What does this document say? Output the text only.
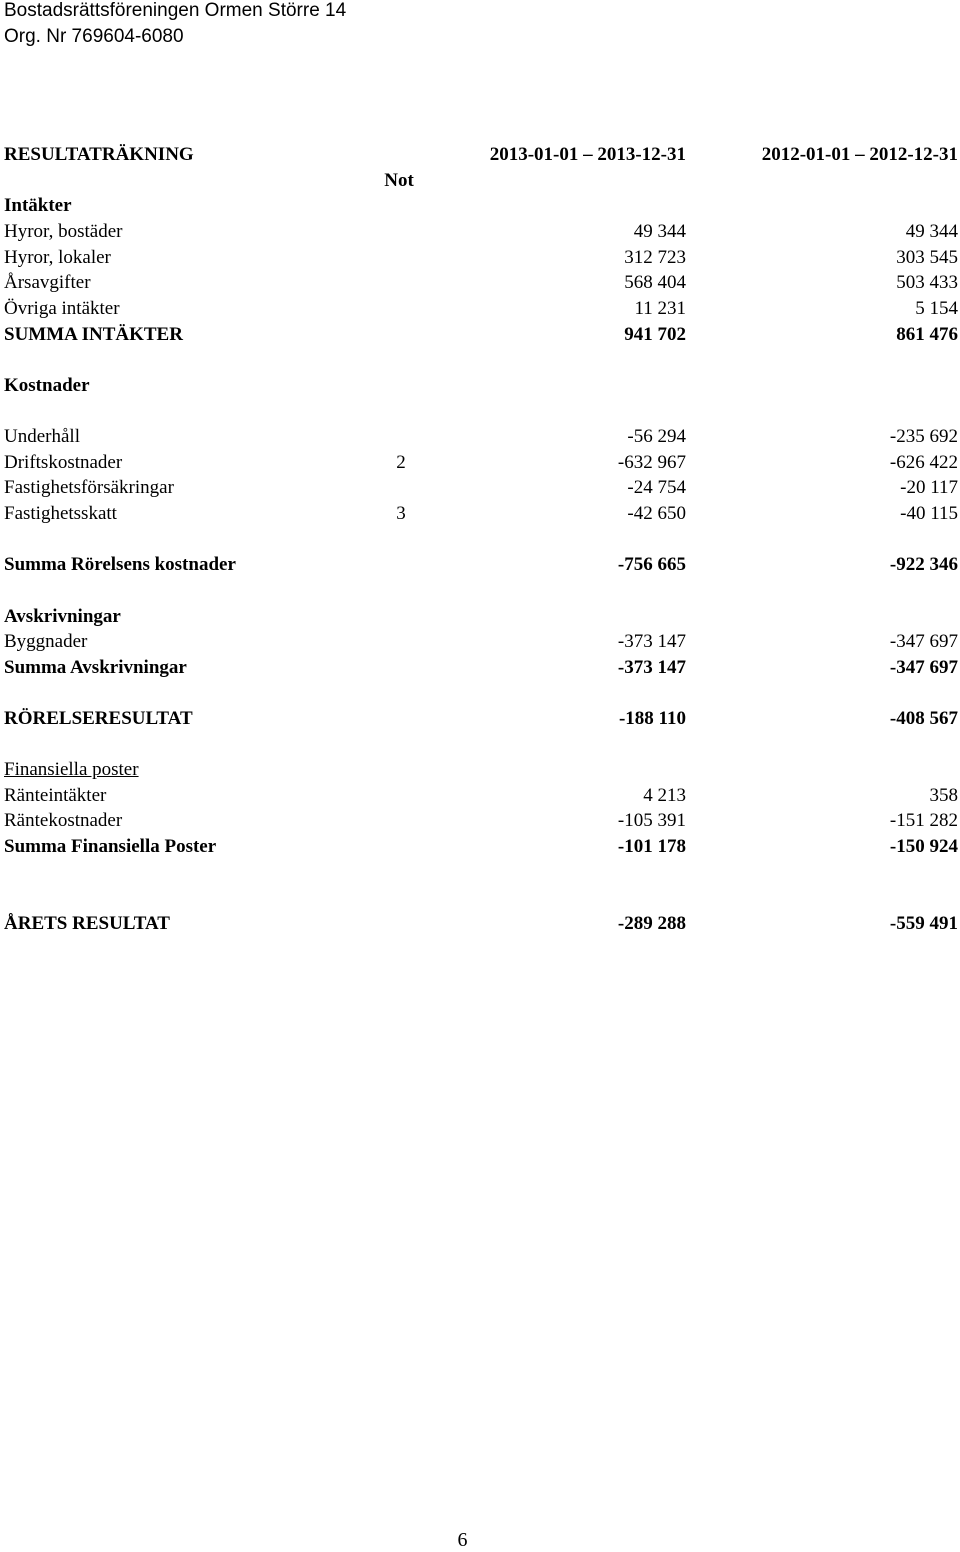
Bostadsrättsföreningen Ormen Större 14
Org. Nr 769604-6080
RESULTATRÄKNING	2013-01-01 – 2013-12-31	2012-01-01 – 2012-12-31
Not
Intäkter
Hyror, bostäder	49 344	49 344
Hyror, lokaler	312 723	303 545
Årsavgifter	568 404	503 433
Övriga intäkter	11 231	5 154
SUMMA INTÄKTER	941 702	861 476
Kostnader
Underhåll	-56 294	-235 692
Driftskostnader	2	-632 967	-626 422
Fastighetsförsäkringar	-24 754	-20 117
Fastighetsskatt	3	-42 650	-40 115
Summa Rörelsens kostnader	-756 665	-922 346
Avskrivningar
Byggnader	-373 147	-347 697
Summa Avskrivningar	-373 147	-347 697
RÖRELSERESULTAT	-188 110	-408 567
Finansiella poster
Ränteintäkter	4 213	358
Räntekostnader	-105 391	-151 282
Summa Finansiella Poster	-101 178	-150 924
ÅRETS RESULTAT	-289 288	-559 491
6
